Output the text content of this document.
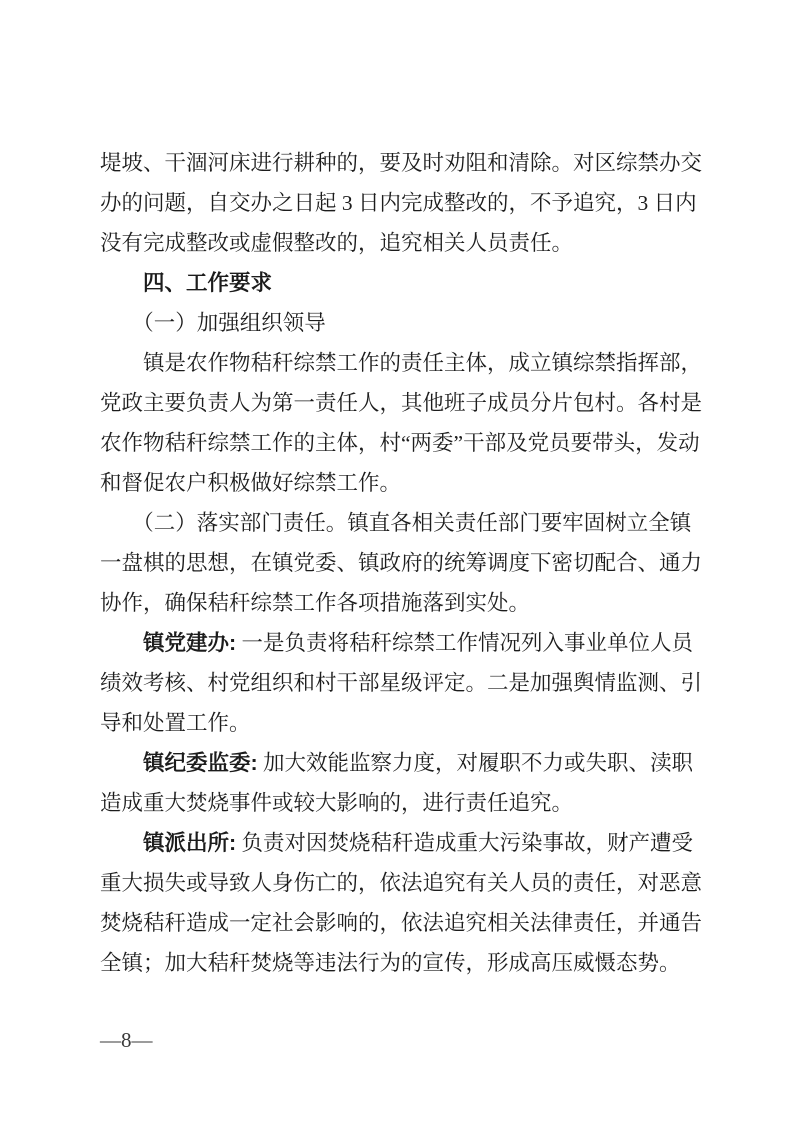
堤坡、干涸河床进行耕种的，要及时劝阻和清除。对区综禁办交
办的问题，自交办之日起 3 日内完成整改的，不予追究，3 日内
没有完成整改或虚假整改的，追究相关人员责任。
　　四、工作要求
　　（一）加强组织领导
　　镇是农作物秸秆综禁工作的责任主体，成立镇综禁指挥部，
党政主要负责人为第一责任人，其他班子成员分片包村。各村是
农作物秸秆综禁工作的主体，村“两委”干部及党员要带头，发动
和督促农户积极做好综禁工作。
　　（二）落实部门责任。镇直各相关责任部门要牢固树立全镇
一盘棋的思想，在镇党委、镇政府的统筹调度下密切配合、通力
协作，确保秸秆综禁工作各项措施落到实处。
　　镇党建办: 一是负责将秸秆综禁工作情况列入事业单位人员
绩效考核、村党组织和村干部星级评定。二是加强舆情监测、引
导和处置工作。
　　镇纪委监委: 加大效能监察力度，对履职不力或失职、渎职
造成重大焚烧事件或较大影响的，进行责任追究。
　　镇派出所: 负责对因焚烧秸秆造成重大污染事故，财产遭受
重大损失或导致人身伤亡的，依法追究有关人员的责任，对恶意
焚烧秸秆造成一定社会影响的，依法追究相关法律责任，并通告
全镇；加大秸秆焚烧等违法行为的宣传，形成高压威慑态势。
—8—
